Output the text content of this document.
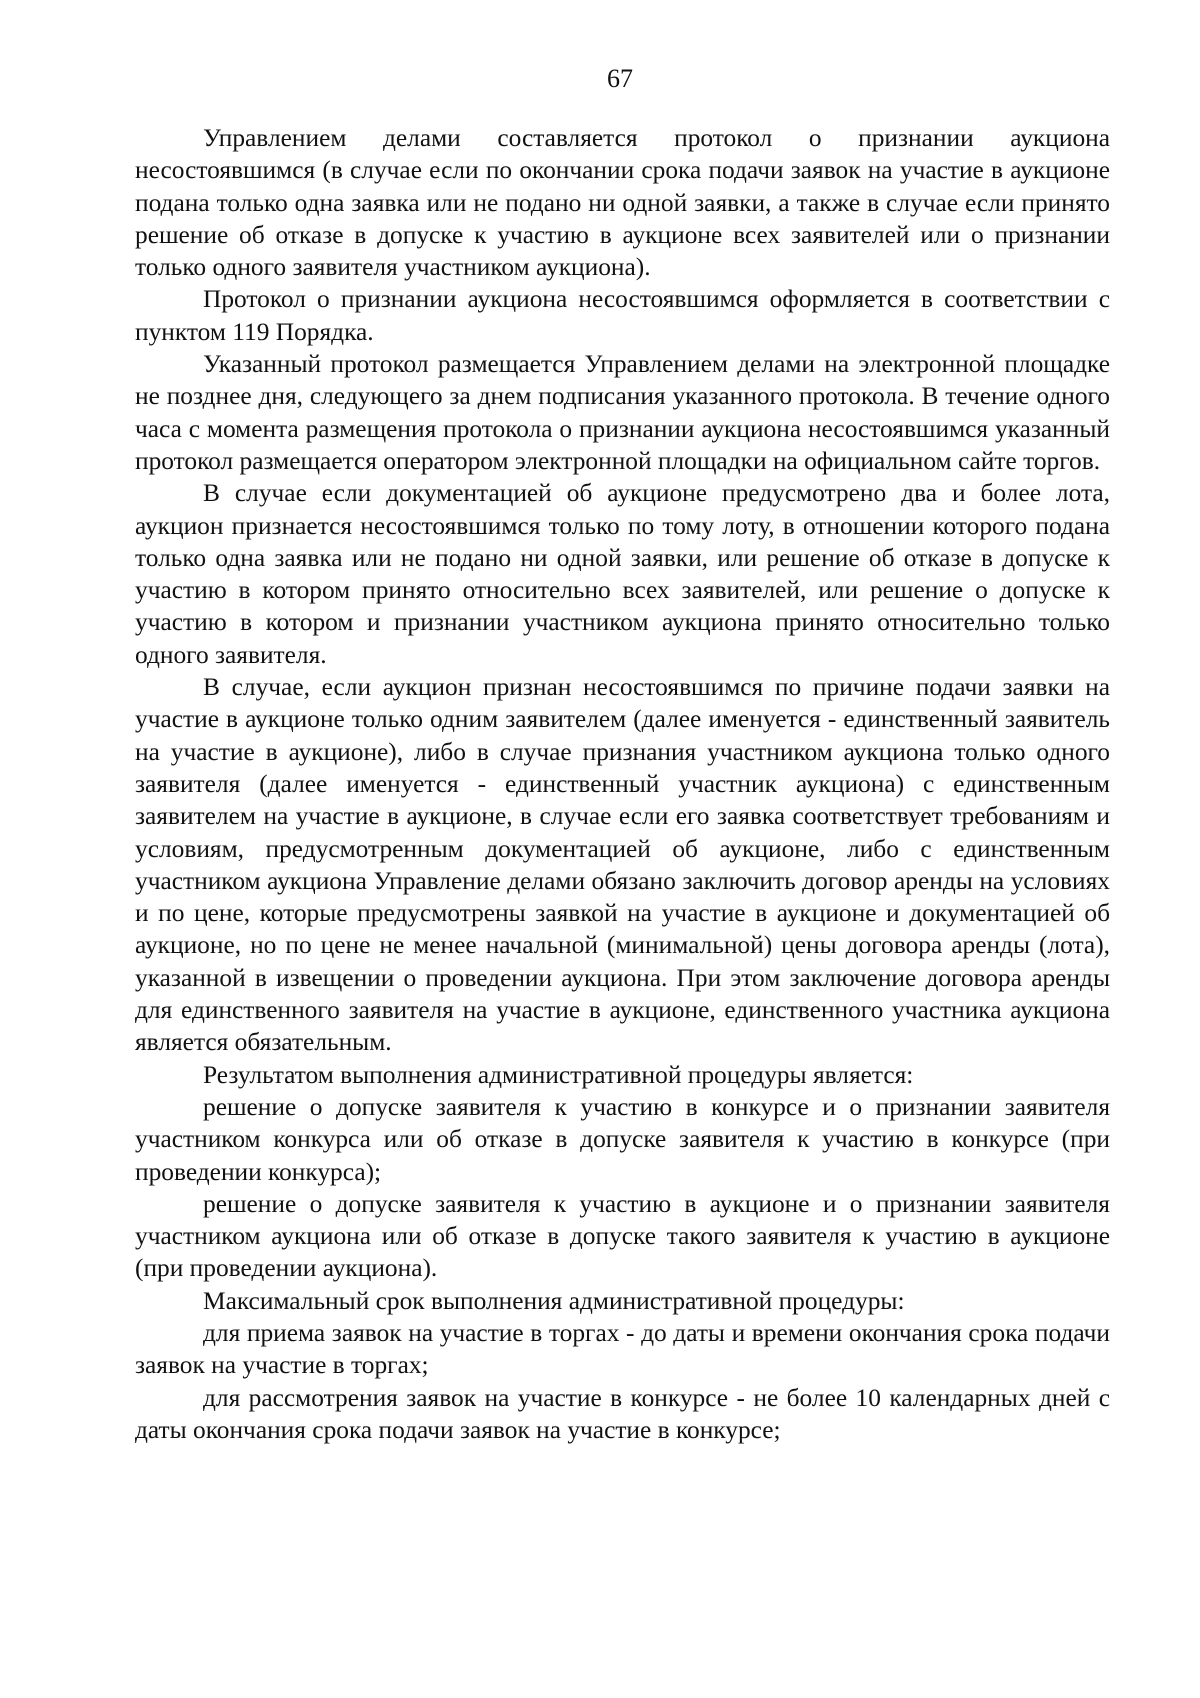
67

Управлением делами составляется протокол о признании аукциона несостоявшимся (в случае если по окончании срока подачи заявок на участие в аукционе подана только одна заявка или не подано ни одной заявки, а также в случае если принято решение об отказе в допуске к участию в аукционе всех заявителей или о признании только одного заявителя участником аукциона).

Протокол о признании аукциона несостоявшимся оформляется в соответствии с пунктом 119 Порядка.

Указанный протокол размещается Управлением делами на электронной площадке не позднее дня, следующего за днем подписания указанного протокола. В течение одного часа с момента размещения протокола о признании аукциона несостоявшимся указанный протокол размещается оператором электронной площадки на официальном сайте торгов.

В случае если документацией об аукционе предусмотрено два и более лота, аукцион признается несостоявшимся только по тому лоту, в отношении которого подана только одна заявка или не подано ни одной заявки, или решение об отказе в допуске к участию в котором принято относительно всех заявителей, или решение о допуске к участию в котором и признании участником аукциона принято относительно только одного заявителя.

В случае, если аукцион признан несостоявшимся по причине подачи заявки на участие в аукционе только одним заявителем (далее именуется - единственный заявитель на участие в аукционе), либо в случае признания участником аукциона только одного заявителя (далее именуется - единственный участник аукциона) с единственным заявителем на участие в аукционе, в случае если его заявка соответствует требованиям и условиям, предусмотренным документацией об аукционе, либо с единственным участником аукциона Управление делами обязано заключить договор аренды на условиях и по цене, которые предусмотрены заявкой на участие в аукционе и документацией об аукционе, но по цене не менее начальной (минимальной) цены договора аренды (лота), указанной в извещении о проведении аукциона. При этом заключение договора аренды для единственного заявителя на участие в аукционе, единственного участника аукциона является обязательным.

Результатом выполнения административной процедуры является:

решение о допуске заявителя к участию в конкурсе и о признании заявителя участником конкурса или об отказе в допуске заявителя к участию в конкурсе (при проведении конкурса);

решение о допуске заявителя к участию в аукционе и о признании заявителя участником аукциона или об отказе в допуске такого заявителя к участию в аукционе (при проведении аукциона).

Максимальный срок выполнения административной процедуры:

для приема заявок на участие в торгах - до даты и времени окончания срока подачи заявок на участие в торгах;

для рассмотрения заявок на участие в конкурсе - не более 10 календарных дней с даты окончания срока подачи заявок на участие в конкурсе;
